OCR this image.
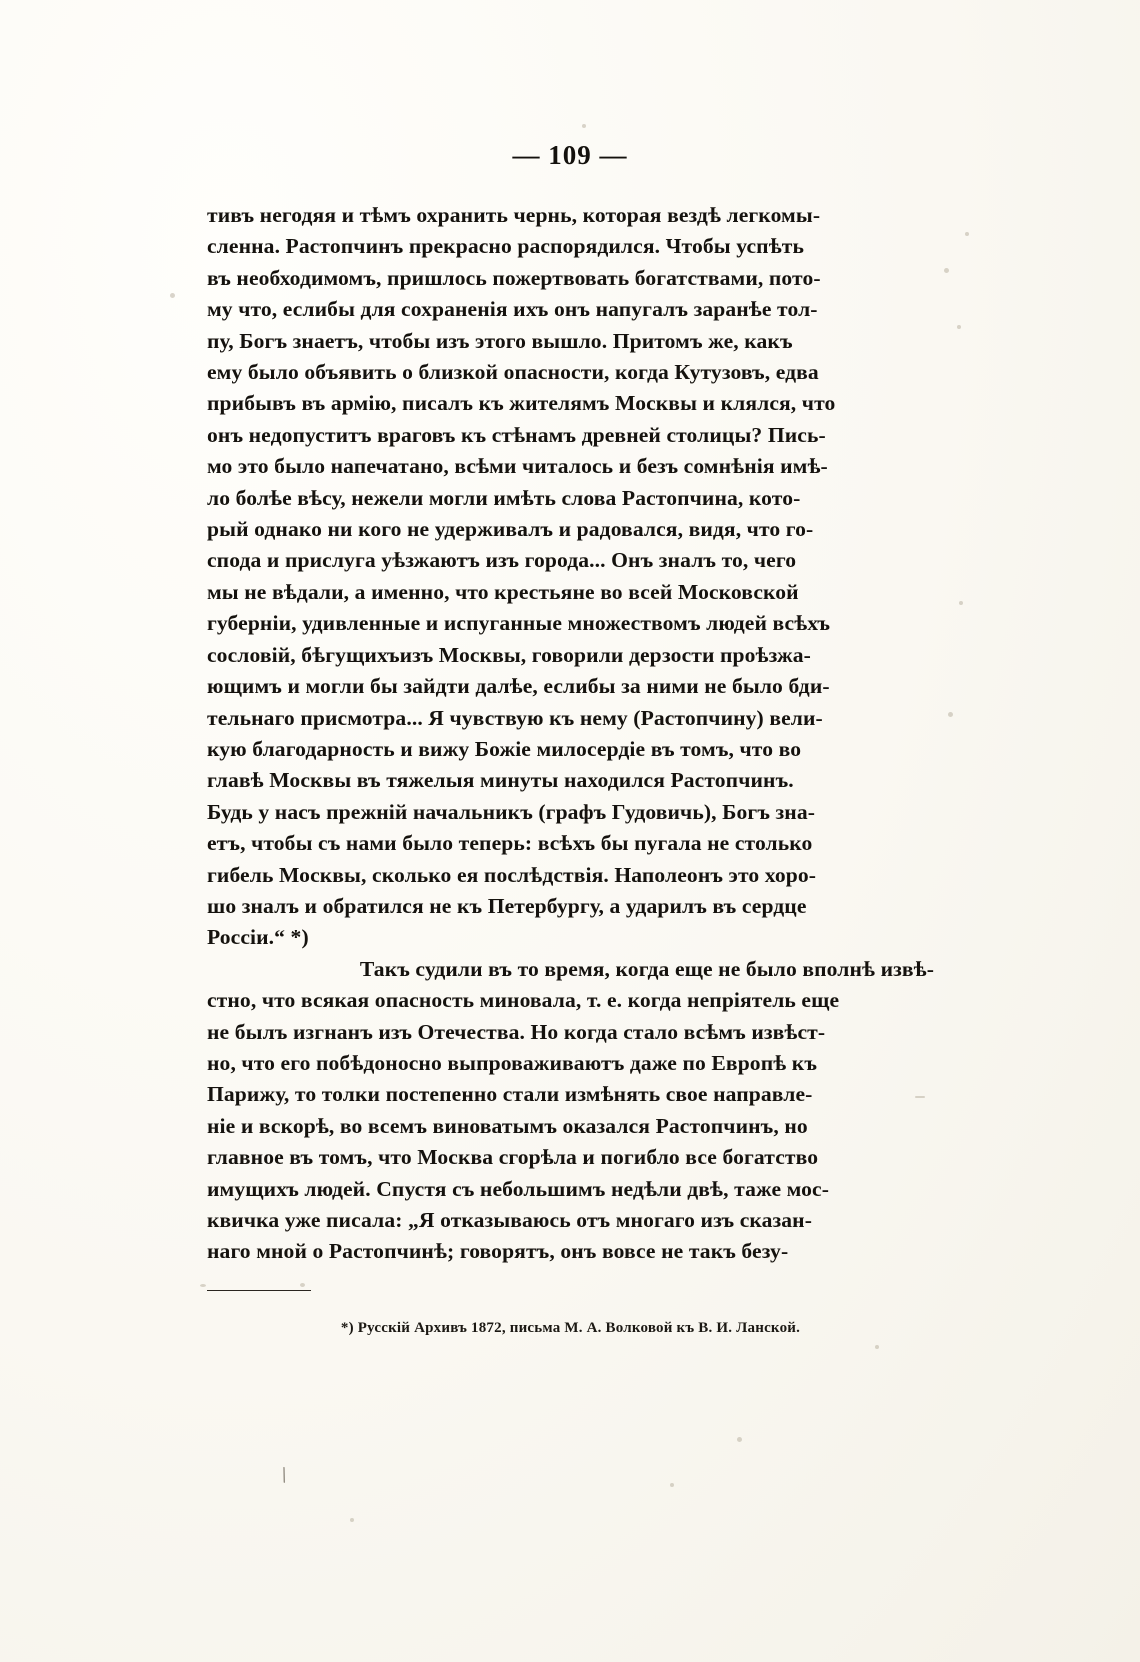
— 109 —

тивъ негодяя и тѣмъ охранить чернь, которая вездѣ легкомы-
сленна. Растопчинъ прекрасно распорядился. Чтобы успѣть
въ необходимомъ, пришлось пожертвовать богатствами, пото-
му что, еслибы для сохраненія ихъ онъ напугалъ заранѣе тол-
пу, Богъ знаетъ, чтобы изъ этого вышло. Притомъ же, какъ
ему было объявить о близкой опасности, когда Кутузовъ, едва
прибывъ въ армію, писалъ къ жителямъ Москвы и клялся, что
онъ недопуститъ враговъ къ стѣнамъ древней столицы? Пись-
мо это было напечатано, всѣми читалось и безъ сомнѣнія имѣ-
ло болѣе вѣсу, нежели могли имѣть слова Растопчина, кото-
рый однако ни кого не удерживалъ и радовался, видя, что го-
спода и прислуга уѣзжаютъ изъ города... Онъ зналъ то, чего
мы не вѣдали, а именно, что крестьяне во всей Московской
губерніи, удивленные и испуганные множествомъ людей всѣхъ
сословій, бѣгущихъизъ Москвы, говорили дерзости проѣзжа-
ющимъ и могли бы зайдти далѣе, еслибы за ними не было бди-
тельнаго присмотра... Я чувствую къ нему (Растопчину) вели-
кую благодарность и вижу Божіе милосердіе въ томъ, что во
главѣ Москвы въ тяжелыя минуты находился Растопчинъ.
Будь у насъ прежній начальникъ (графъ Гудовичь), Богъ зна-
етъ, чтобы съ нами было теперь: всѣхъ бы пугала не столько
гибель Москвы, сколько ея послѣдствія. Наполеонъ это хоро-
шо зналъ и обратился не къ Петербургу, а ударилъ въ сердце
Россіи.“ *)

Такъ судили въ то время, когда еще не было вполнѣ извѣ-
стно, что всякая опасность миновала, т. е. когда непріятель еще
не былъ изгнанъ изъ Отечества. Но когда стало всѣмъ извѣст-
но, что его побѣдоносно выпроваживаютъ даже по Европѣ къ
Парижу, то толки постепенно стали измѣнять свое направле-
ніе и вскорѣ, во всемъ виноватымъ оказался Растопчинъ, но
главное въ томъ, что Москва сгорѣла и погибло все богатство
имущихъ людей. Спустя съ небольшимъ недѣли двѣ, таже мос-
квичка уже писала: „Я отказываюсь отъ многаго изъ сказан-
наго мной о Растопчинѣ; говорятъ, онъ вовсе не такъ безу-

*) Русскій Архивъ 1872, письма М. А. Волковой къ В. И. Ланской.
\
